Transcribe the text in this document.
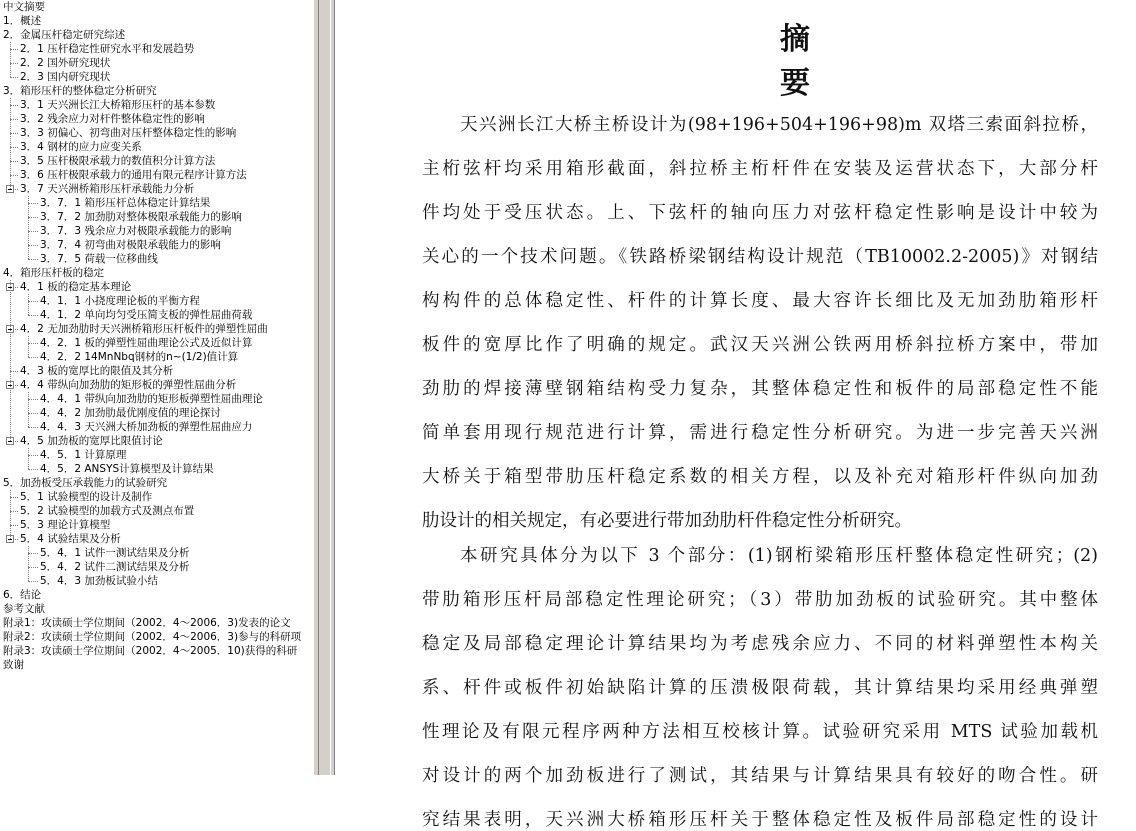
中文摘要
1．概述
2．金属压杆稳定研究综述
2．1 压杆稳定性研究水平和发展趋势
2．2 国外研究现状
2．3 国内研究现状
3．箱形压杆的整体稳定分析研究
3．1 天兴洲长江大桥箱形压杆的基本参数
3．2 残余应力对杆件整体稳定性的影响
3．3 初偏心、初弯曲对压杆整体稳定性的影响
3．4 钢材的应力应变关系
3．5 压杆极限承载力的数值积分计算方法
3．6 压杆极限承载力的通用有限元程序计算方法
3．7 天兴洲桥箱形压杆承载能力分析
3．7．1 箱形压杆总体稳定计算结果
3．7．2 加劲肋对整体极限承载能力的影响
3．7．3 残余应力对极限承载能力的影响
3．7．4 初弯曲对极限承载能力的影响
3．7．5 荷载一位移曲线
4．箱形压杆板的稳定
4．1 板的稳定基本理论
4．1．1 小挠度理论板的平衡方程
4．1．2 单向均匀受压简支板的弹性屈曲荷载
4．2 无加劲肋时天兴洲桥箱形压杆板件的弹塑性屈曲
4．2．1 板的弹塑性屈曲理论公式及近似计算
4．2．2 14MnNbq钢材的n~(1/2)值计算
4．3 板的宽厚比的限值及其分析
4．4 带纵向加劲肋的矩形板的弹塑性屈曲分析
4．4．1 带纵向加劲肋的矩形板弹塑性屈曲理论
4．4．2 加劲肋最优刚度值的理论探讨
4．4．3 天兴洲大桥加劲板的弹塑性屈曲应力
4．5 加劲板的宽厚比限值讨论
4．5．1 计算原理
4．5．2 ANSYS计算模型及计算结果
5．加劲板受压承载能力的试验研究
5．1 试验模型的设计及制作
5．2 试验模型的加载方式及测点布置
5．3 理论计算模型
5．4 试验结果及分析
5．4．1 试件一测试结果及分析
5．4．2 试件二测试结果及分析
5．4．3 加劲板试验小结
6．结论
参考文献
附录1：攻读硕士学位期间（2002．4～2006．3)发表的论文
附录2：攻读硕士学位期间（2002．4～2006．3)参与的科研项
附录3：攻读硕士学位期间（2002．4～2005．10)获得的科研
致谢
摘要
天兴洲长江大桥主桥设计为(98+196+504+196+98)m 双塔三索面斜拉桥，
主桁弦杆均采用箱形截面，斜拉桥主桁杆件在安装及运营状态下，大部分杆
件均处于受压状态。上、下弦杆的轴向压力对弦杆稳定性影响是设计中较为
关心的一个技术问题。《铁路桥梁钢结构设计规范（TB10002.2-2005)》对钢结
构构件的总体稳定性、杆件的计算长度、最大容许长细比及无加劲肋箱形杆
板件的宽厚比作了明确的规定。武汉天兴洲公铁两用桥斜拉桥方案中，带加
劲肋的焊接薄壁钢箱结构受力复杂，其整体稳定性和板件的局部稳定性不能
简单套用现行规范进行计算，需进行稳定性分析研究。为进一步完善天兴洲
大桥关于箱型带肋压杆稳定系数的相关方程，以及补充对箱形杆件纵向加劲
肋设计的相关规定，有必要进行带加劲肋杆件稳定性分析研究。
本研究具体分为以下 3 个部分：(1)钢桁梁箱形压杆整体稳定性研究；(2)
带肋箱形压杆局部稳定性理论研究；（3）带肋加劲板的试验研究。其中整体
稳定及局部稳定理论计算结果均为考虑残余应力、不同的材料弹塑性本构关
系、杆件或板件初始缺陷计算的压溃极限荷载，其计算结果均采用经典弹塑
性理论及有限元程序两种方法相互校核计算。试验研究采用 MTS 试验加载机
对设计的两个加劲板进行了测试，其结果与计算结果具有较好的吻合性。研
究结果表明，天兴洲大桥箱形压杆关于整体稳定性及板件局部稳定性的设计
